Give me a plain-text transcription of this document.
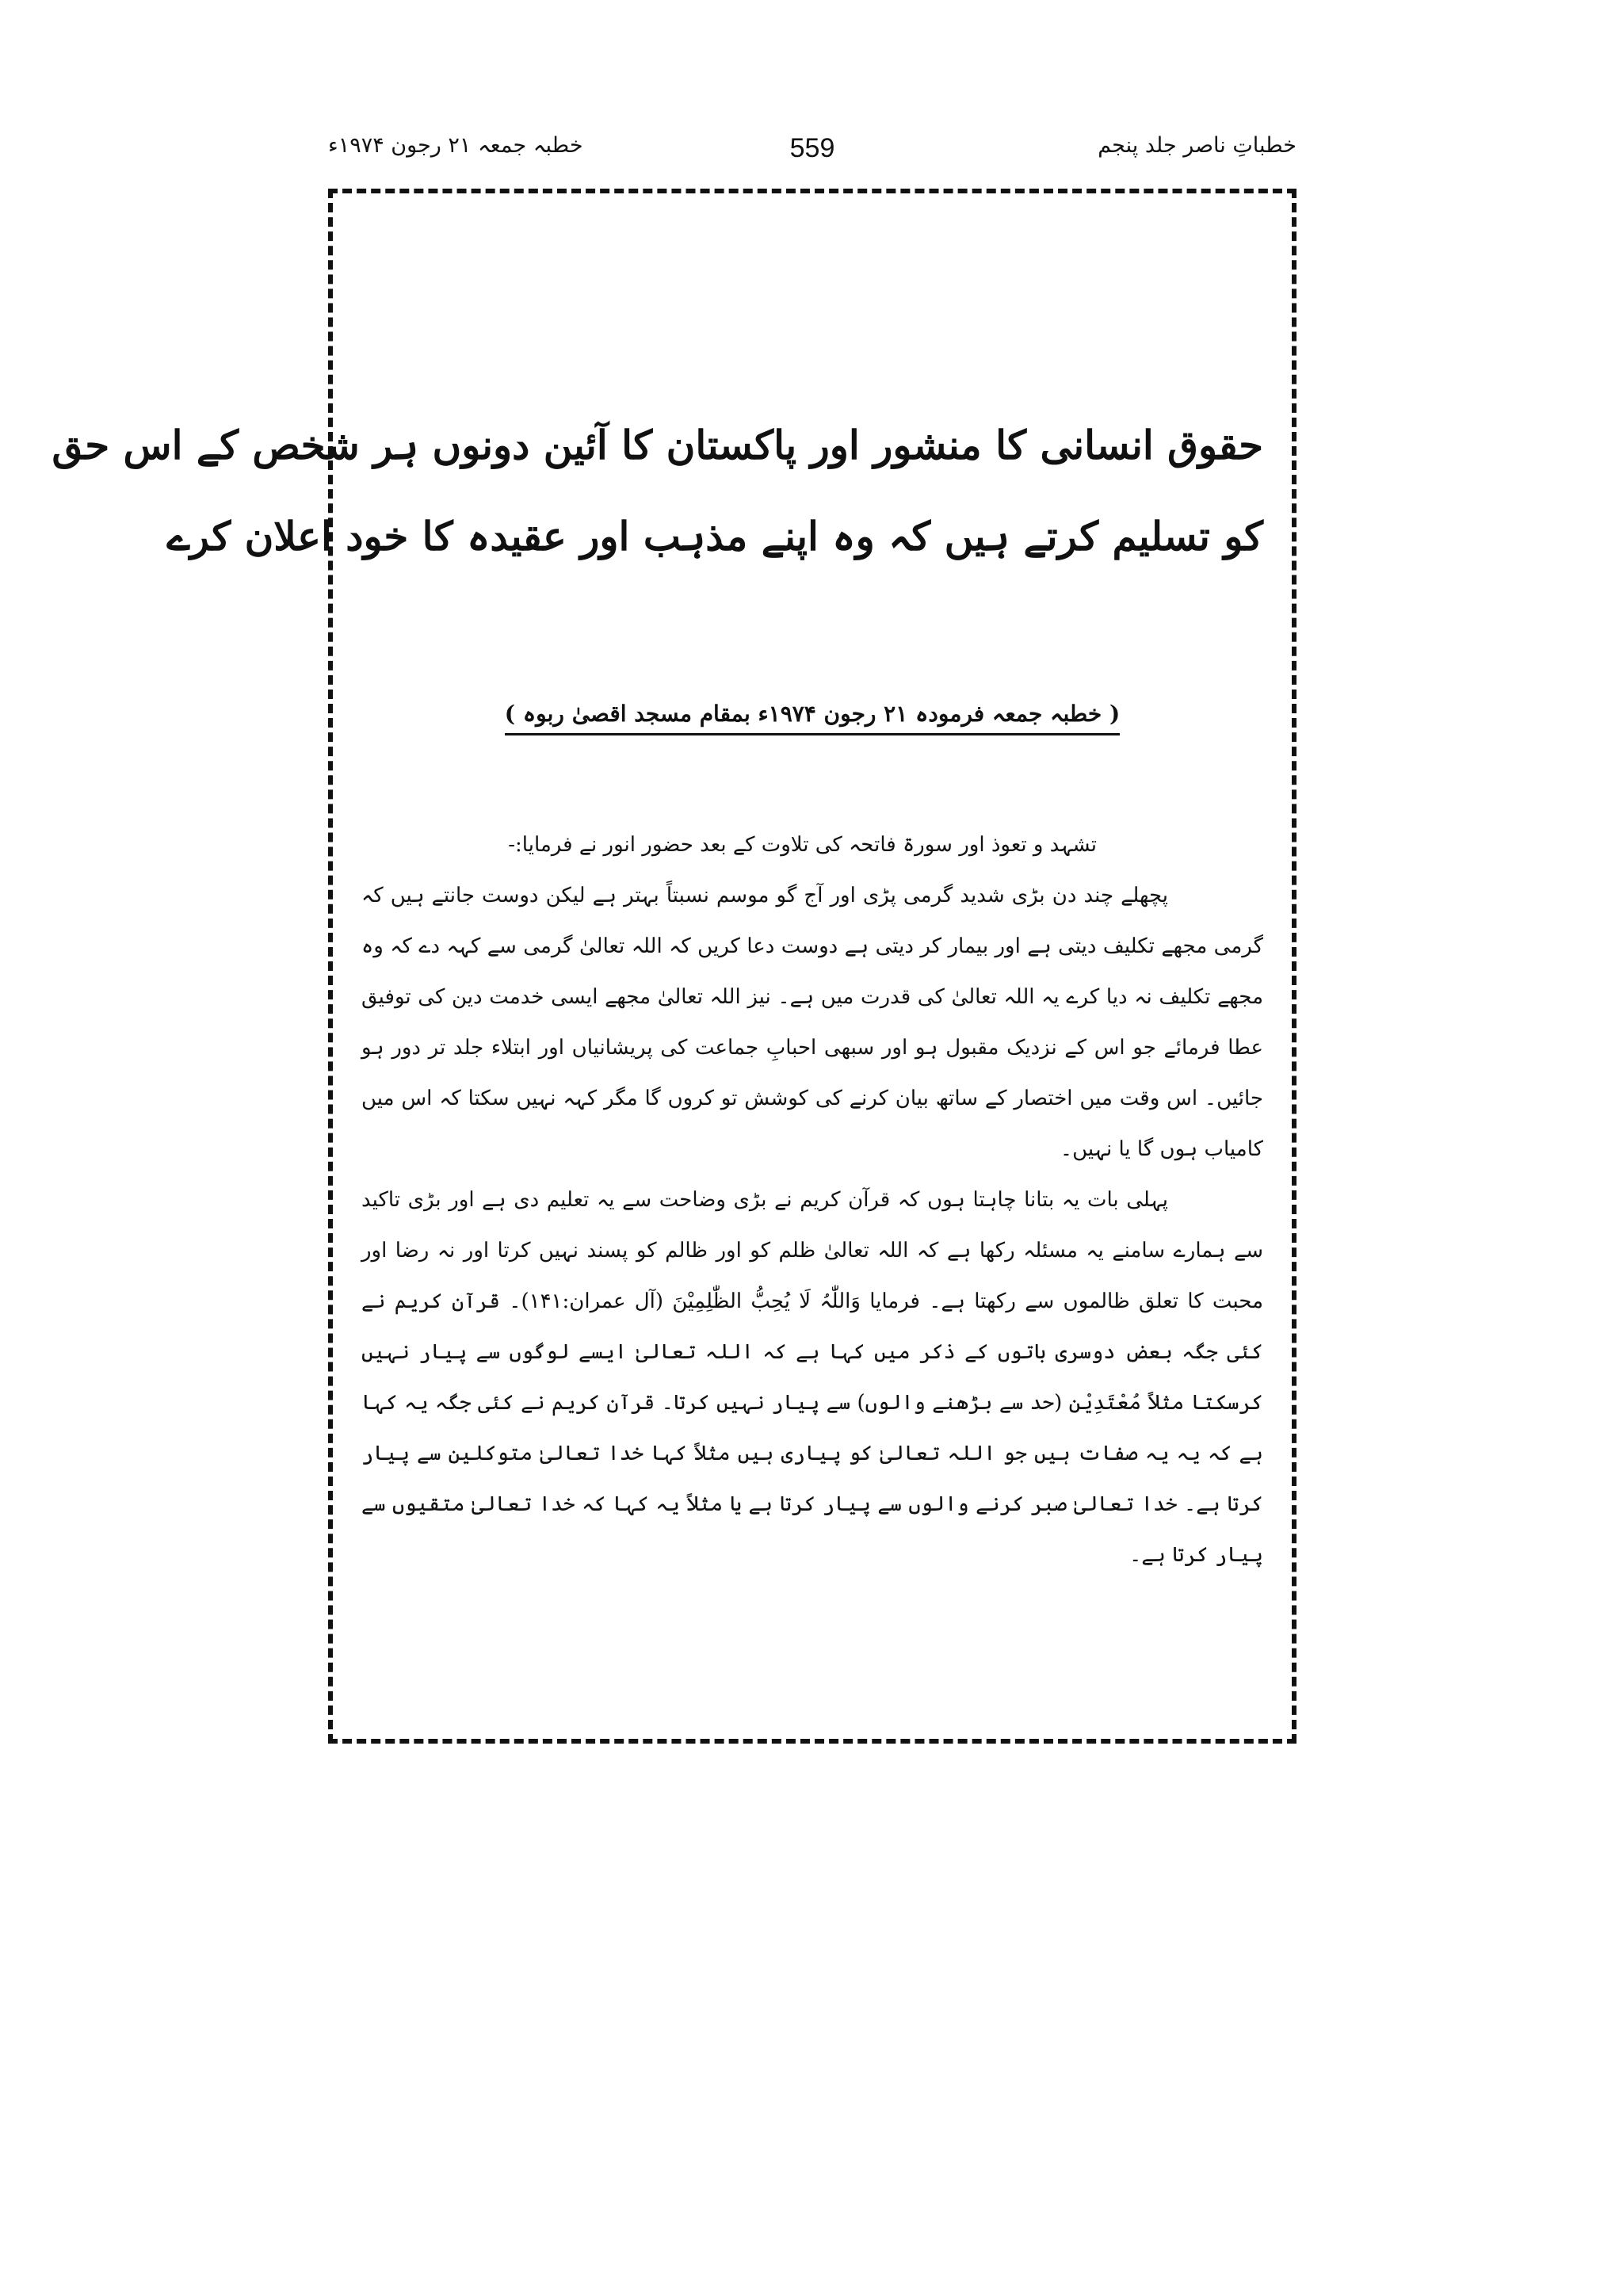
خطباتِ ناصر جلد پنجم
559
خطبہ جمعہ ۲۱ رجون ۱۹۷۴ء
حقوق انسانی کا منشور اور پاکستان کا آئین دونوں ہر شخص کے اس حق
کو تسلیم کرتے ہیں کہ وہ اپنے مذہب اور عقیدہ کا خود اعلان کرے
( خطبہ جمعہ فرمودہ ۲۱ رجون ۱۹۷۴ء بمقام مسجد اقصیٰ ربوہ )
تشہد و تعوذ اور سورۃ فاتحہ کی تلاوت کے بعد حضور انور نے فرمایا:-
پچھلے چند دن بڑی شدید گرمی پڑی اور آج گو موسم نسبتاً بہتر ہے لیکن دوست جانتے ہیں کہ گرمی مجھے تکلیف دیتی ہے اور بیمار کر دیتی ہے دوست دعا کریں کہ اللہ تعالیٰ گرمی سے کہہ دے کہ وہ مجھے تکلیف نہ دیا کرے یہ اللہ تعالیٰ کی قدرت میں ہے۔ نیز اللہ تعالیٰ مجھے ایسی خدمت دین کی توفیق عطا فرمائے جو اس کے نزدیک مقبول ہو اور سبھی احبابِ جماعت کی پریشانیاں اور ابتلاء جلد تر دور ہو جائیں۔ اس وقت میں اختصار کے ساتھ بیان کرنے کی کوشش تو کروں گا مگر کہہ نہیں سکتا کہ اس میں کامیاب ہوں گا یا نہیں۔
پہلی بات یہ بتانا چاہتا ہوں کہ قرآن کریم نے بڑی وضاحت سے یہ تعلیم دی ہے اور بڑی تاکید سے ہمارے سامنے یہ مسئلہ رکھا ہے کہ اللہ تعالیٰ ظلم کو اور ظالم کو پسند نہیں کرتا اور نہ رضا اور محبت کا تعلق ظالموں سے رکھتا ہے۔ فرمایا وَاللّٰہُ لَا یُحِبُّ الظّٰلِمِیْنَ (آل عمران:۱۴۱)۔ قرآن کریم نے کئی جگہ بعض دوسری باتوں کے ذکر میں کہا ہے کہ اللہ تعالیٰ ایسے لوگوں سے پیار نہیں کرسکتا مثلاً مُعْتَدِیْن (حد سے بڑھنے والوں) سے پیار نہیں کرتا۔ قرآن کریم نے کئی جگہ یہ کہا ہے کہ یہ یہ صفات ہیں جو اللہ تعالیٰ کو پیاری ہیں مثلاً کہا خدا تعالیٰ متوکلین سے پیار کرتا ہے۔ خدا تعالیٰ صبر کرنے والوں سے پیار کرتا ہے یا مثلاً یہ کہا کہ خدا تعالیٰ متقیوں سے پیار کرتا ہے۔
